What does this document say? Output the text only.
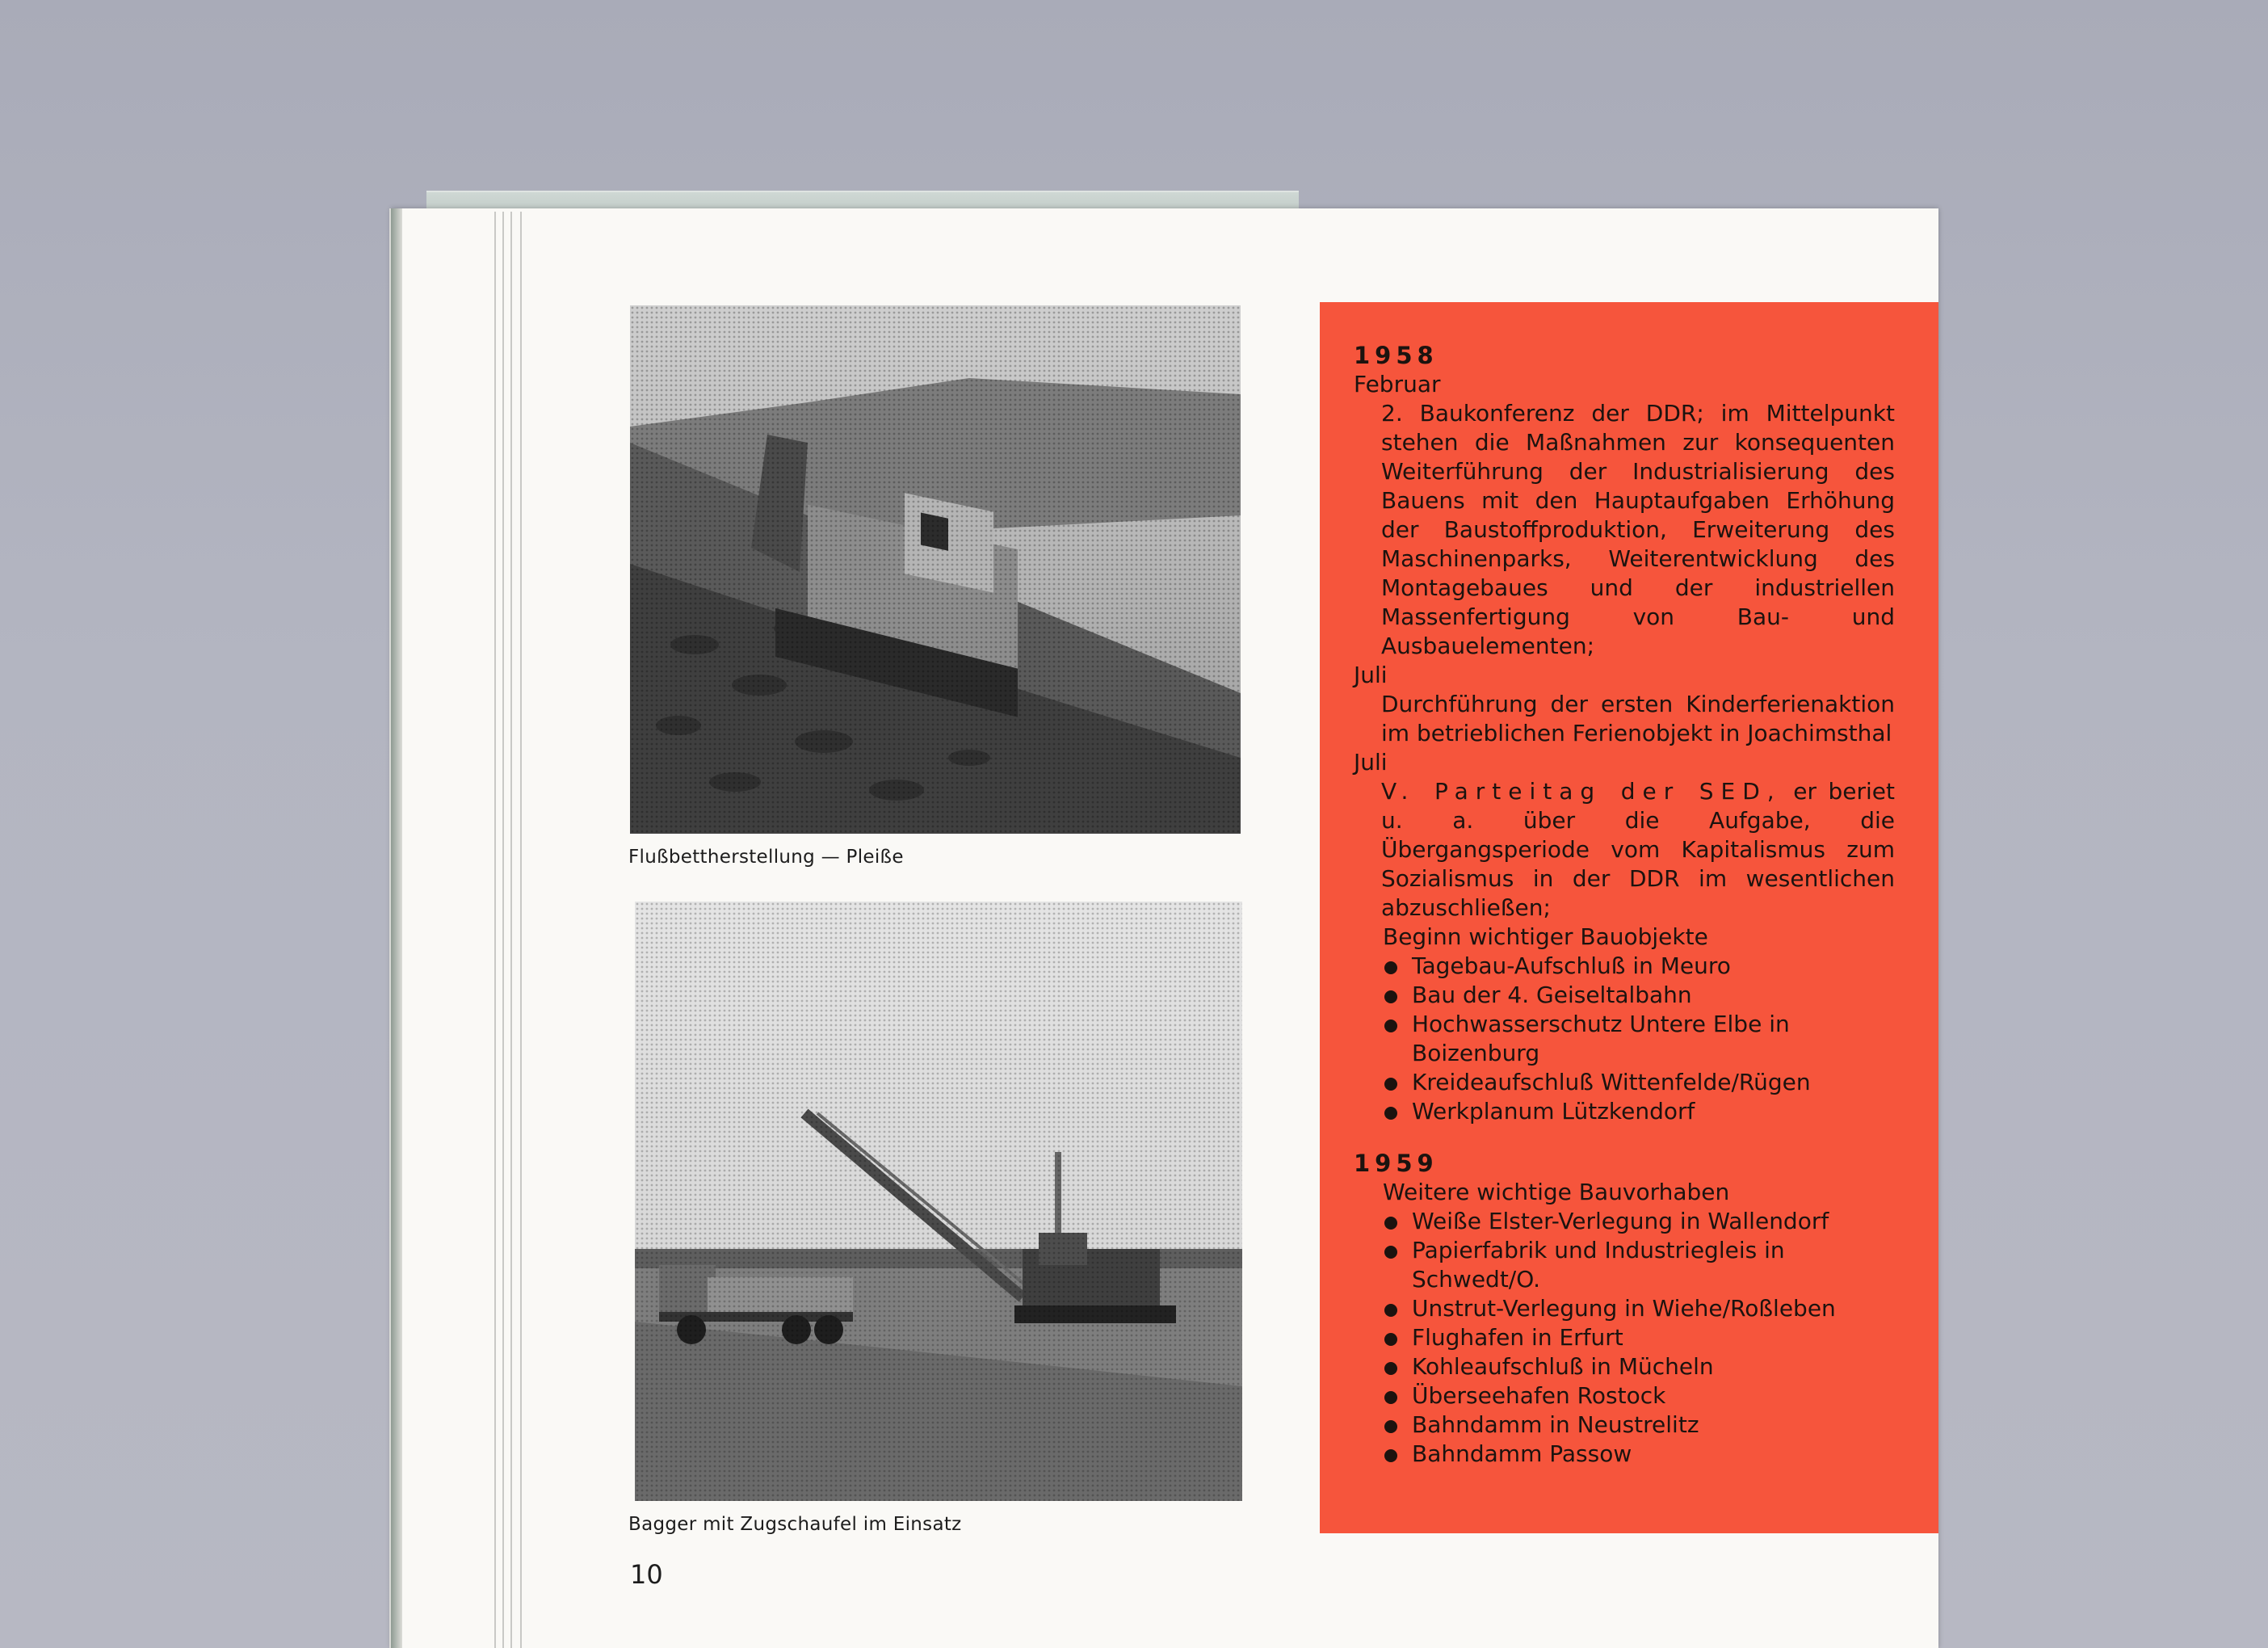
Flußbettherstellung — Pleiße
Bagger mit Zugschaufel im Einsatz
10

1958

Februar

2. Baukonferenz der DDR; im Mittelpunkt stehen die Maßnahmen zur konsequenten Weiterführung der Industrialisierung des Bauens mit den Hauptaufgaben Erhöhung der Baustoffproduktion, Erweiterung des Maschinenparks, Weiterentwicklung des Montagebaues und der industriellen Massenfertigung von Bau- und Ausbauelementen;

Juli

Durchführung der ersten Kinderferienaktion im betrieblichen Ferienobjekt in Joachimsthal

Juli

V. Parteitag der SED, er beriet u. a. über die Aufgabe, die Übergangsperiode vom Kapitalismus zum Sozialismus in der DDR im wesentlichen abzuschließen;

Beginn wichtiger Bauobjekte

Tagebau-Aufschluß in Meuro
Bau der 4. Geiseltalbahn
Hochwasserschutz Untere Elbe in Boizenburg
Kreideaufschluß Wittenfelde/Rügen
Werkplanum Lützkendorf

1959

Weitere wichtige Bauvorhaben

Weiße Elster-Verlegung in Wallendorf
Papierfabrik und Industriegleis in Schwedt/O.
Unstrut-Verlegung in Wiehe/Roßleben
Flughafen in Erfurt
Kohleaufschluß in Mücheln
Überseehafen Rostock
Bahndamm in Neustrelitz
Bahndamm Passow
